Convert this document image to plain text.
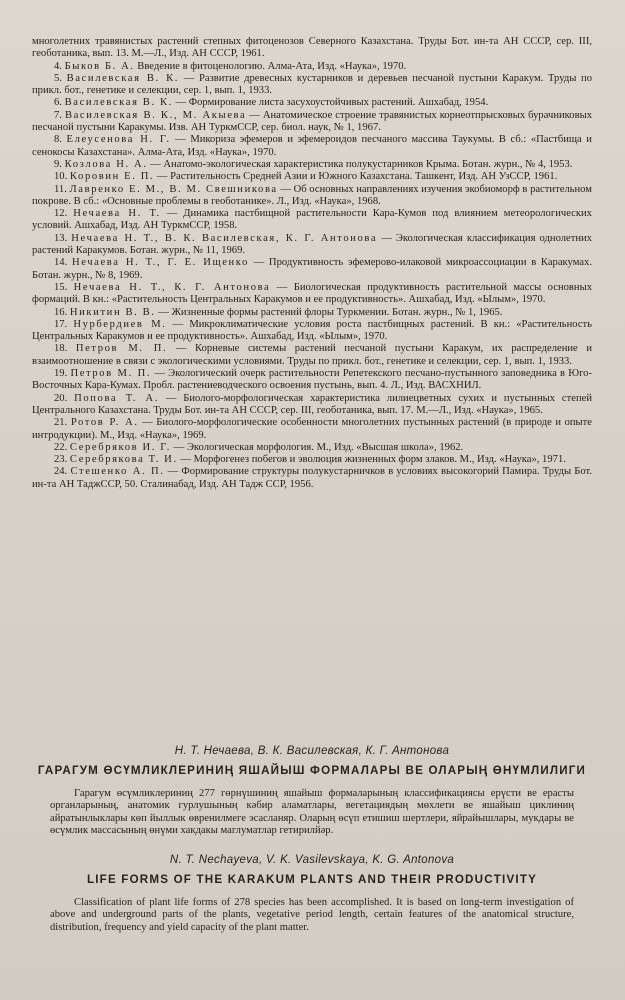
многолетних травянистых растений степных фитоценозов Северного Казахстана. Труды Бот. ин-та АН СССР, сер. III, геоботаника, вып. 13. М.—Л., Изд. АН СССР, 1961.

4. Быков Б. А. Введение в фитоценологию. Алма-Ата, Изд. «Наука», 1970.

5. Василевская В. К. — Развитие древесных кустарников и деревьев песчаной пустыни Каракум. Труды по прикл. бот., генетике и селекции, сер. 1, вып. 1, 1933.

6. Василевская В. К. — Формирование листа засухоустойчивых растений. Ашхабад, 1954.

7. Василевская В. К., М. Акыева — Анатомическое строение травянистых корнеотпрысковых бурачниковых песчаной пустыни Каракумы. Изв. АН ТуркмССР, сер. биол. наук, № 1, 1967.

8. Елеусенова Н. Г. — Микориза эфемеров и эфемероидов песчаного массива Таукумы. В сб.: «Пастбища и сенокосы Казахстана». Алма-Ата, Изд. «Наука», 1970.

9. Козлова Н. А. — Анатомо-экологическая характеристика полукустарников Крыма. Ботан. журн., № 4, 1953.

10. Коровин Е. П. — Растительность Средней Азии и Южного Казахстана. Ташкент, Изд. АН УзССР, 1961.

11. Лавренко Е. М., В. М. Свешникова — Об основных направлениях изучения экобиоморф в растительном покрове. В сб.: «Основные проблемы в геоботанике». Л., Изд. «Наука», 1968.

12. Нечаева Н. Т. — Динамика пастбищной растительности Кара-Кумов под влиянием метеорологических условий. Ашхабад, Изд. АН ТуркмССР, 1958.

13. Нечаева Н. Т., В. К. Василевская, К. Г. Антонова — Экологическая классификация однолетних растений Каракумов. Ботан. журн., № 11, 1969.

14. Нечаева Н. Т., Г. Е. Ищенко — Продуктивность эфемерово-илаковой микроассоциации в Каракумах. Ботан. журн., № 8, 1969.

15. Нечаева Н. Т., К. Г. Антонова — Биологическая продуктивность растительной массы основных формаций. В кн.: «Растительность Центральных Каракумов и ее продуктивность». Ашхабад, Изд. «Ылым», 1970.

16. Никитин В. В. — Жизненные формы растений флоры Туркмении. Ботан. журн., № 1, 1965.

17. Нурбердиев М. — Микроклиматические условия роста пастбищных растений. В кн.: «Растительность Центральных Каракумов и ее продуктивность». Ашхабад, Изд. «Ылым», 1970.

18. Петров М. П. — Корневые системы растений песчаной пустыни Каракум, их распределение и взаимоотношение в связи с экологическими условиями. Труды по прикл. бот., генетике и селекции, сер. 1, вып. 1, 1933.

19. Петров М. П. — Экологический очерк растительности Репетекского песчано-пустынного заповедника в Юго-Восточных Кара-Кумах. Пробл. растениеводческого освоения пустынь, вып. 4. Л., Изд. ВАСХНИЛ.

20. Попова Т. А. — Биолого-морфологическая характеристика лилиецветных сухих и пустынных степей Центрального Казахстана. Труды Бот. ин-та АН СССР, сер. III, геоботаника, вып. 17. М.—Л., Изд. «Наука», 1965.

21. Ротов Р. А. — Биолого-морфологические особенности многолетних пустынных растений (в природе и опыте интродукции). М., Изд. «Наука», 1969.

22. Серебряков И. Г. — Экологическая морфология. М., Изд. «Высшая школа», 1962.

23. Серебрякова Т. И. — Морфогенез побегов и эволюция жизненных форм злаков. М., Изд. «Наука», 1971.

24. Стешенко А. П. — Формирование структуры полукустарничков в условиях высокогорий Памира. Труды Бот. ин-та АН ТаджССР, 50. Сталинабад, Изд. АН Тадж ССР, 1956.

Н. Т. Нечаева, В. К. Василевская, К. Г. Антонова

ГАРАГУМ ӨСҮМЛИКЛЕРИНИҢ ЯШАЙЫШ ФОРМАЛАРЫ ВЕ ОЛАРЫҢ ӨНҮМЛИЛИГИ

Гарагум өсүмликлериниң 277 гөрнүшиниң яшайыш формаларының классификациясы ерүсти ве ерасты органларының, анатомик гурлушының кәбир аламатлары, вегетациядың мөхлети ве яшайыш циклиниң айратынлыклары көп йыллык өвренилмеге эсасланяр. Оларың өсүп етишиш шертлери, яйрайышлары, мукдары ве өсүмлик массасының өнүми хакдакы маглуматлар гетирилйәр.

N. T. Nechayeva, V. K. Vasilevskaya, K. G. Antonova

LIFE FORMS OF THE KARAKUM PLANTS AND THEIR PRODUCTIVITY

Classification of plant life forms of 278 species has been accomplished. It is based on long-term investigation of above and underground parts of the plants, vegetative period length, certain features of the anatomical structure, distribution, frequency and yield capacity of the plant matter.
